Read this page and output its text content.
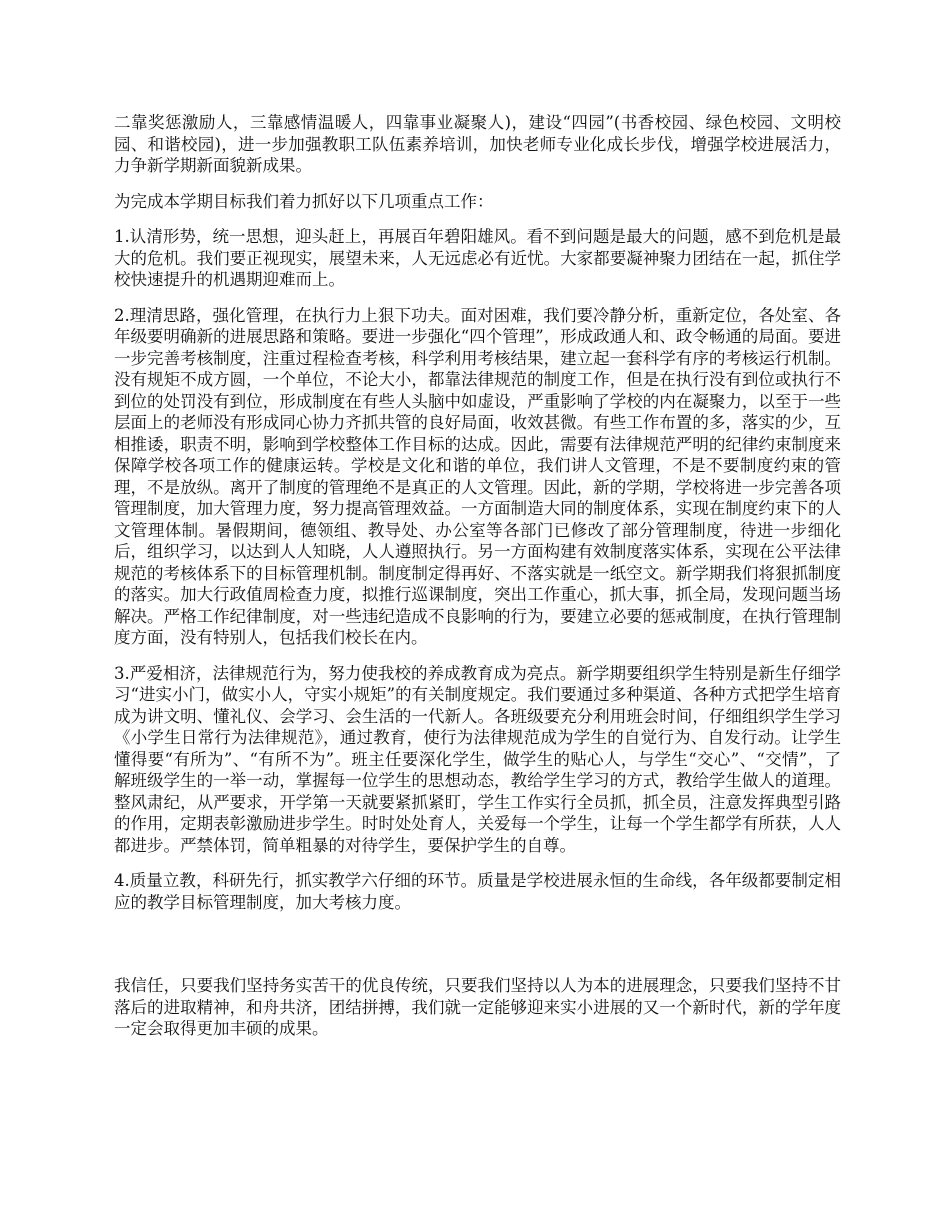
二靠奖惩激励人，三靠感情温暖人，四靠事业凝聚人)，建设“四园”(书香校园、绿色校园、文明校园、和谐校园)，进一步加强教职工队伍素养培训，加快老师专业化成长步伐，增强学校进展活力，力争新学期新面貌新成果。

为完成本学期目标我们着力抓好以下几项重点工作：

1.认清形势，统一思想，迎头赶上，再展百年碧阳雄风。看不到问题是最大的问题，感不到危机是最大的危机。我们要正视现实，展望未来，人无远虑必有近忧。大家都要凝神聚力团结在一起，抓住学校快速提升的机遇期迎难而上。

2.理清思路，强化管理，在执行力上狠下功夫。面对困难，我们要冷静分析，重新定位，各处室、各年级要明确新的进展思路和策略。要进一步强化“四个管理”，形成政通人和、政令畅通的局面。要进一步完善考核制度，注重过程检查考核，科学利用考核结果，建立起一套科学有序的考核运行机制。没有规矩不成方圆，一个单位，不论大小，都靠法律规范的制度工作，但是在执行没有到位或执行不到位的处罚没有到位，形成制度在有些人头脑中如虚设，严重影响了学校的内在凝聚力，以至于一些层面上的老师没有形成同心协力齐抓共管的良好局面，收效甚微。有些工作布置的多，落实的少，互相推诿，职责不明，影响到学校整体工作目标的达成。因此，需要有法律规范严明的纪律约束制度来保障学校各项工作的健康运转。学校是文化和谐的单位，我们讲人文管理，不是不要制度约束的管理，不是放纵。离开了制度的管理绝不是真正的人文管理。因此，新的学期，学校将进一步完善各项管理制度，加大管理力度，努力提高管理效益。一方面制造大同的制度体系，实现在制度约束下的人文管理体制。暑假期间，德领组、教导处、办公室等各部门已修改了部分管理制度，待进一步细化后，组织学习，以达到人人知晓，人人遵照执行。另一方面构建有效制度落实体系，实现在公平法律规范的考核体系下的目标管理机制。制度制定得再好、不落实就是一纸空文。新学期我们将狠抓制度的落实。加大行政值周检查力度，拟推行巡课制度，突出工作重心，抓大事，抓全局，发现问题当场解决。严格工作纪律制度，对一些违纪造成不良影响的行为，要建立必要的惩戒制度，在执行管理制度方面，没有特别人，包括我们校长在内。

3.严爱相济，法律规范行为，努力使我校的养成教育成为亮点。新学期要组织学生特别是新生仔细学习“进实小门，做实小人，守实小规矩”的有关制度规定。我们要通过多种渠道、各种方式把学生培育成为讲文明、懂礼仪、会学习、会生活的一代新人。各班级要充分利用班会时间，仔细组织学生学习《小学生日常行为法律规范》，通过教育，使行为法律规范成为学生的自觉行为、自发行动。让学生懂得要“有所为”、“有所不为”。班主任要深化学生，做学生的贴心人，与学生“交心”、“交情”，了解班级学生的一举一动，掌握每一位学生的思想动态，教给学生学习的方式，教给学生做人的道理。整风肃纪，从严要求，开学第一天就要紧抓紧盯，学生工作实行全员抓，抓全员，注意发挥典型引路的作用，定期表彰激励进步学生。时时处处育人，关爱每一个学生，让每一个学生都学有所获，人人都进步。严禁体罚，简单粗暴的对待学生，要保护学生的自尊。

4.质量立教，科研先行，抓实教学六仔细的环节。质量是学校进展永恒的生命线，各年级都要制定相应的教学目标管理制度，加大考核力度。

我信任，只要我们坚持务实苦干的优良传统，只要我们坚持以人为本的进展理念，只要我们坚持不甘落后的进取精神，和舟共济，团结拼搏，我们就一定能够迎来实小进展的又一个新时代，新的学年度一定会取得更加丰硕的成果。
